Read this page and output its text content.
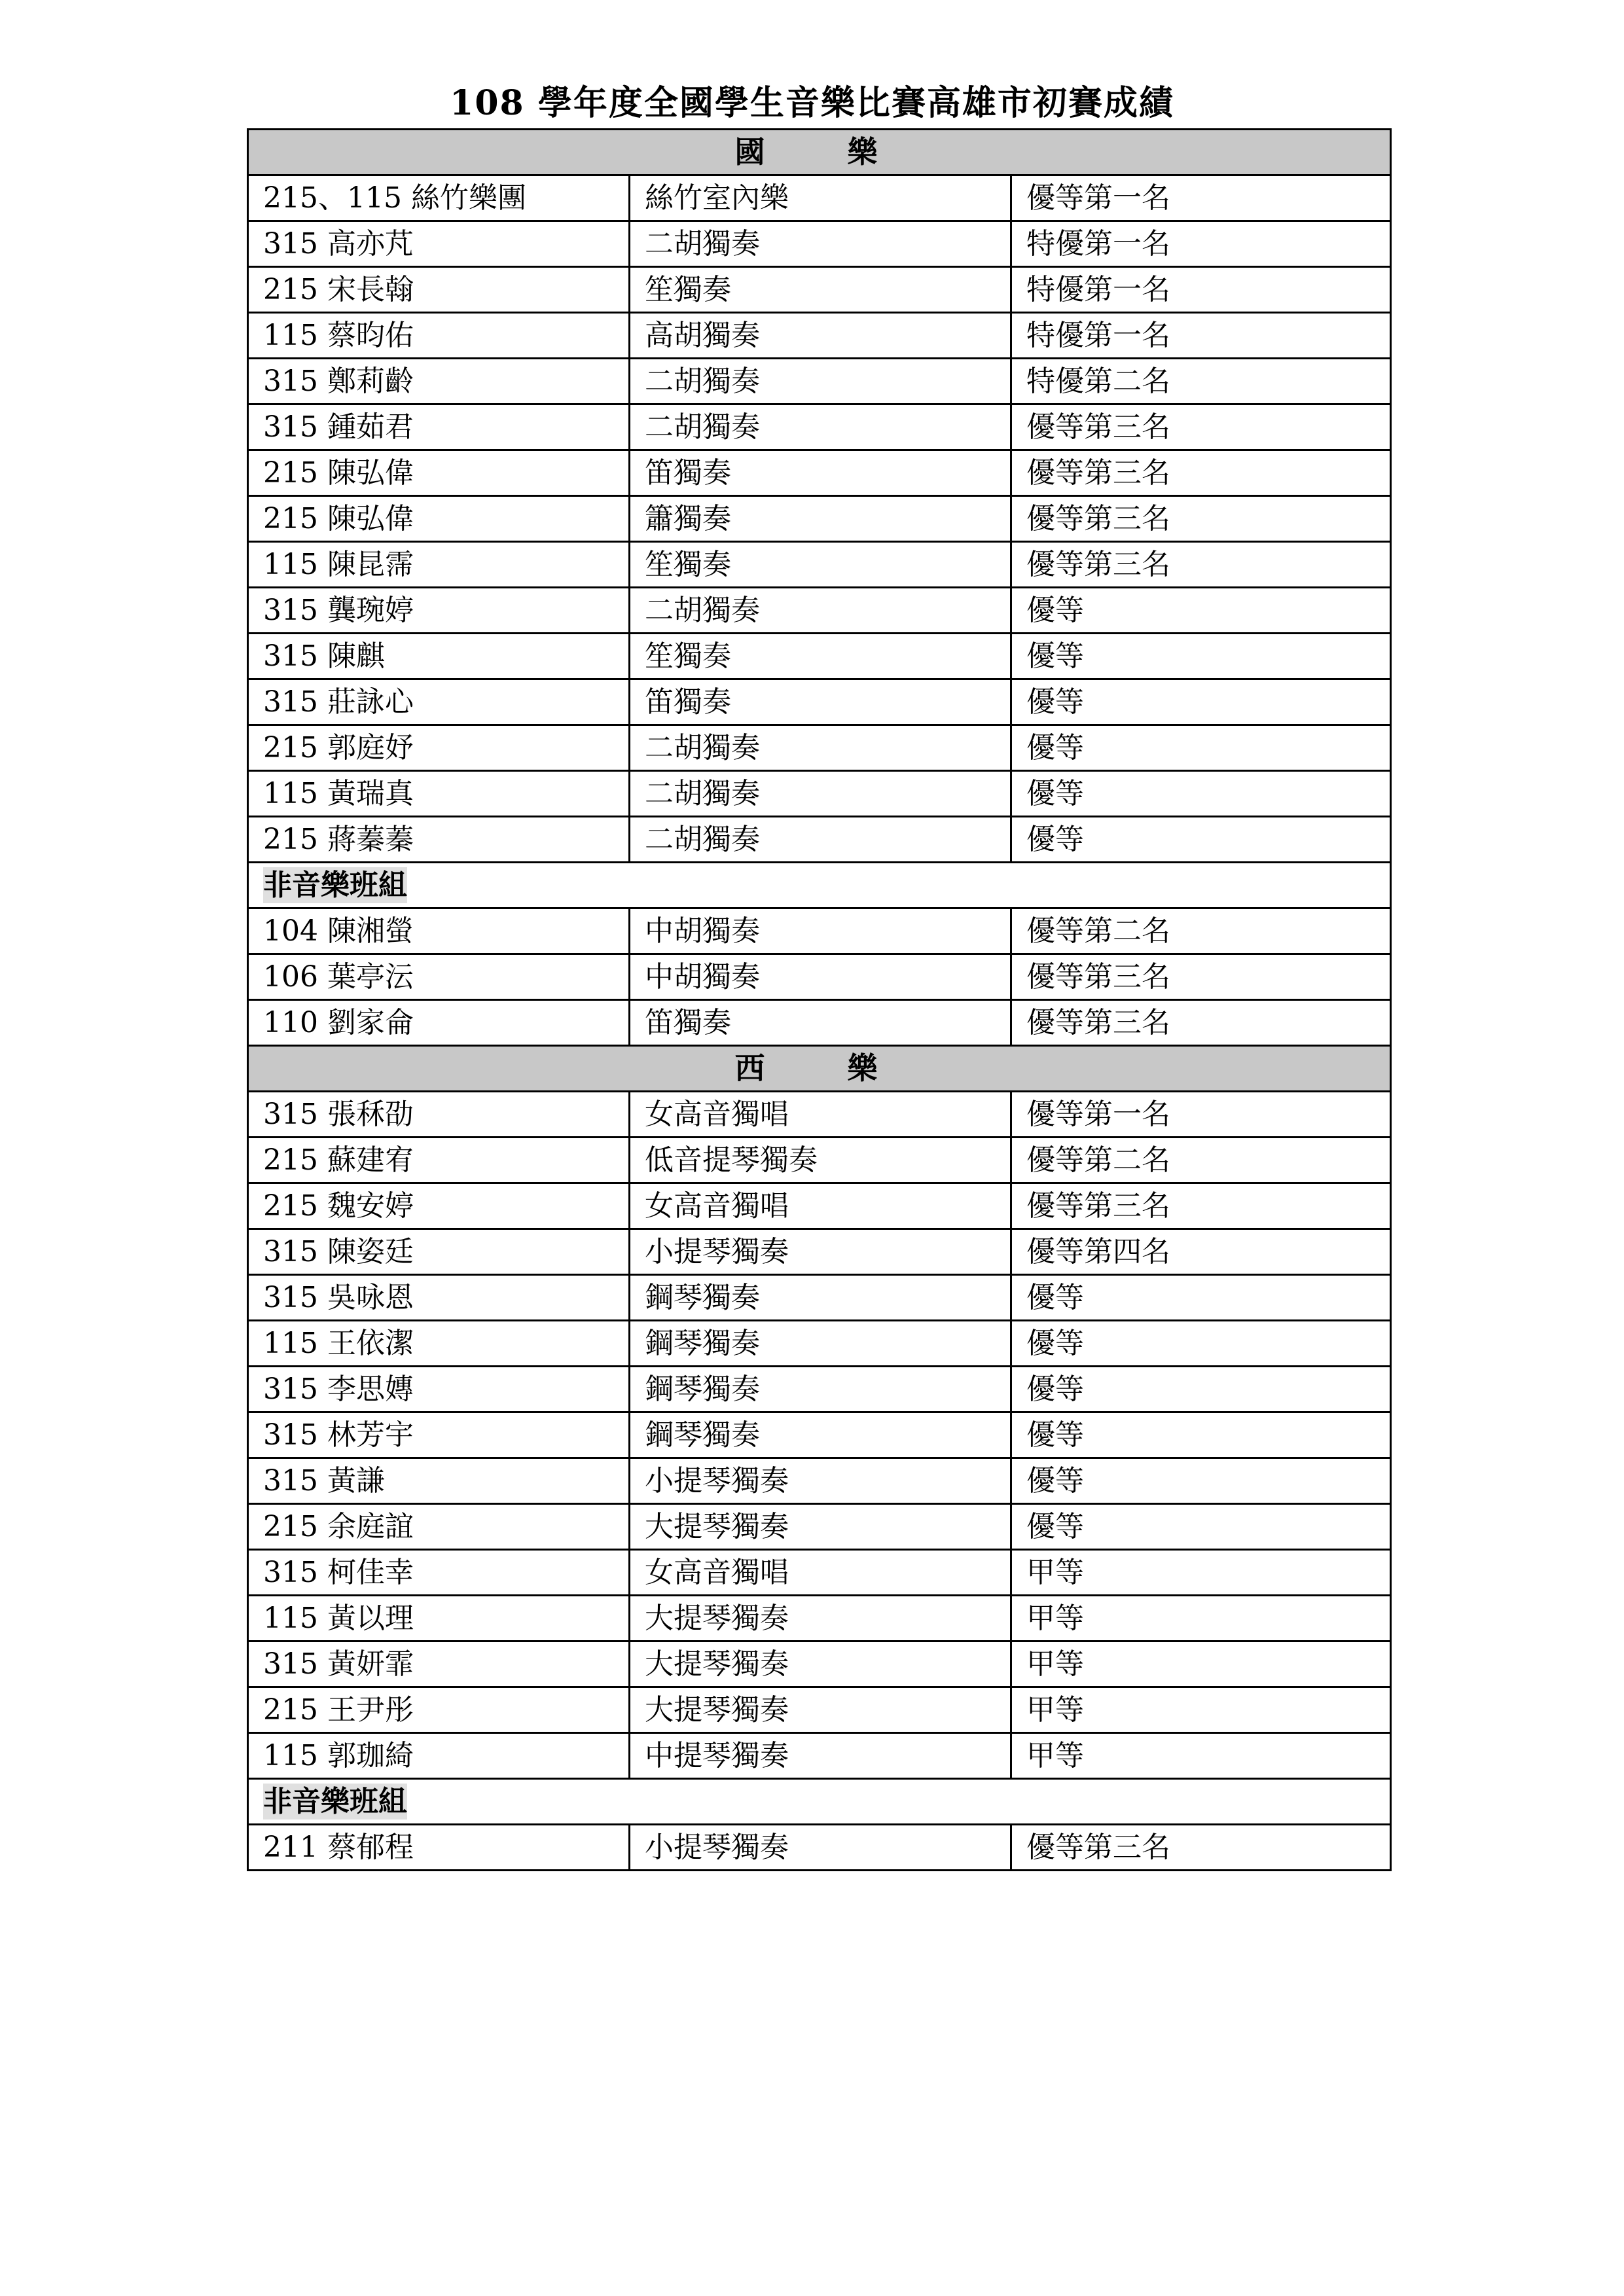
108 學年度全國學生音樂比賽高雄市初賽成績
國　樂		
215、115 絲竹樂團	絲竹室內樂	優等第一名
315 高亦芃	二胡獨奏	特優第一名
215 宋長翰	笙獨奏	特優第一名
115 蔡昀佑	高胡獨奏	特優第一名
315 鄭莉齡	二胡獨奏	特優第二名
315 鍾茹君	二胡獨奏	優等第三名
215 陳弘偉	笛獨奏	優等第三名
215 陳弘偉	簫獨奏	優等第三名
115 陳昆霈	笙獨奏	優等第三名
315 龔琬婷	二胡獨奏	優等
315 陳麒	笙獨奏	優等
315 莊詠心	笛獨奏	優等
215 郭庭妤	二胡獨奏	優等
115 黃瑞真	二胡獨奏	優等
215 蔣蓁蓁	二胡獨奏	優等
非音樂班組		
104 陳湘螢	中胡獨奏	優等第二名
106 葉亭沄	中胡獨奏	優等第三名
110 劉家侖	笛獨奏	優等第三名
西　樂		
315 張秝劭	女高音獨唱	優等第一名
215 蘇建宥	低音提琴獨奏	優等第二名
215 魏安婷	女高音獨唱	優等第三名
315 陳姿廷	小提琴獨奏	優等第四名
315 吳咏恩	鋼琴獨奏	優等
115 王依潔	鋼琴獨奏	優等
315 李思嫥	鋼琴獨奏	優等
315 林芳宇	鋼琴獨奏	優等
315 黃謙	小提琴獨奏	優等
215 余庭誼	大提琴獨奏	優等
315 柯佳幸	女高音獨唱	甲等
115 黃以理	大提琴獨奏	甲等
315 黃妍霏	大提琴獨奏	甲等
215 王尹彤	大提琴獨奏	甲等
115 郭珈綺	中提琴獨奏	甲等
非音樂班組		
211 蔡郁程	小提琴獨奏	優等第三名
